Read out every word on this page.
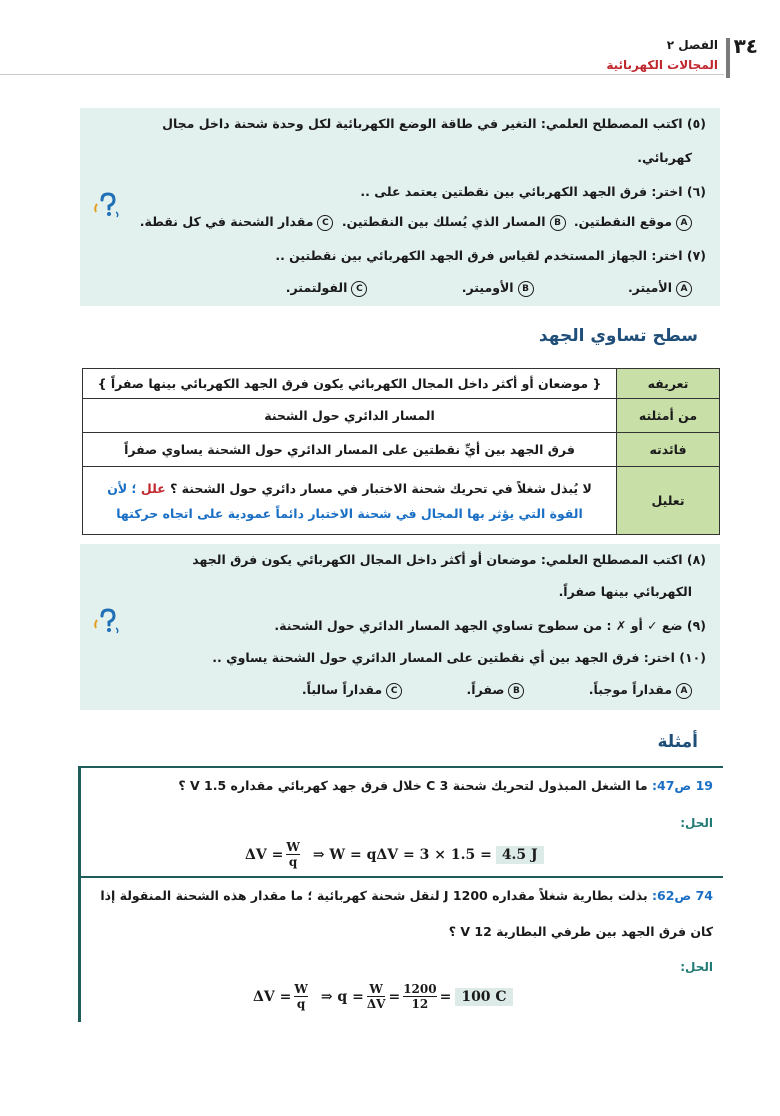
٣٤
الفصل ٢
المجالات الكهربائية
(٥) اكتب المصطلح العلمي: التغير في طاقة الوضع الكهربائية لكل وحدة شحنة داخل مجال
كهربائي.
(٦) اختر: فرق الجهد الكهربائي بين نقطتين يعتمد على ..
Aموقع النقطتين. Bالمسار الذي يُسلك بين النقطتين. Cمقدار الشحنة في كل نقطة.
(٧) اختر: الجهاز المستخدم لقياس فرق الجهد الكهربائي بين نقطتين ..
Aالأميتر. Bالأوميتر. Cالفولتمتر.
سطح تساوي الجهد
تعريفه	{ موضعان أو أكثر داخل المجال الكهربائي يكون فرق الجهد الكهربائي بينها صفراً }
من أمثلته	المسار الدائري حول الشحنة
فائدته	فرق الجهد بين أيِّ نقطتين على المسار الدائري حول الشحنة يساوي صفراً
تعليل	لا يُبذل شغلاً في تحريك شحنة الاختبار في مسار دائري حول الشحنة ؟ علل ؛ لأن
القوة التي يؤثر بها المجال في شحنة الاختبار دائماً عمودية على اتجاه حركتها
(٨) اكتب المصطلح العلمي: موضعان أو أكثر داخل المجال الكهربائي يكون فرق الجهد
الكهربائي بينها صفراً.
(٩) ضع ✓ أو ✗ : من سطوح تساوي الجهد المسار الدائري حول الشحنة.
(١٠) اختر: فرق الجهد بين أي نقطتين على المسار الدائري حول الشحنة يساوي ..
Aمقداراً موجباً. Bصفراً. Cمقداراً سالباً.
أمثلة
19 ص47: ما الشغل المبذول لتحريك شحنة 3 C خلال فرق جهد كهربائي مقداره 1.5 V ؟
الحل:
$\Delta V = \frac{W}{q}$ ⇒ W = qΔV = 3 × 1.5 = 4.5 J
74 ص62: بذلت بطارية شغلاً مقداره 1200 J لنقل شحنة كهربائية ؛ ما مقدار هذه الشحنة المنقولة إذا
كان فرق الجهد بين طرفي البطارية 12 V ؟
الحل:
$\Delta V = \frac{W}{q}$ ⇒ $q = \frac{W}{\Delta V} = \frac{1200}{12} = 100$ C
